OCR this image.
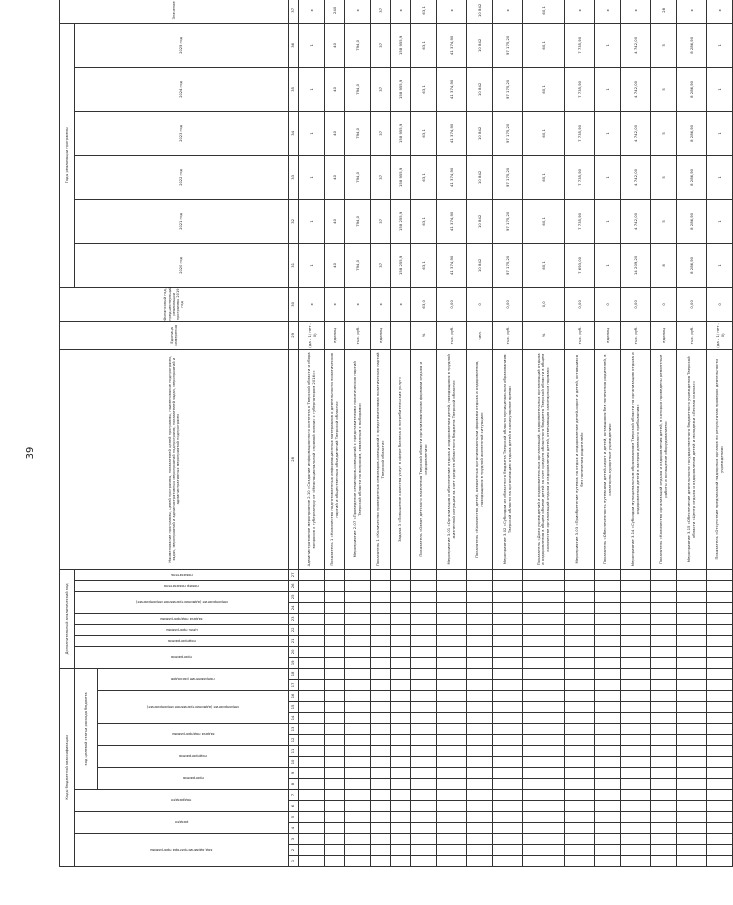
39
Коды бюджетной классификации																		Дополнительный аналитический код									Наименование программы, целей программы, показателей целей программы, наименование подпрограмм, задач, мероприятий и административных мероприятий подпрограмм, показателей задач, мероприятий и административных мероприятий подпрограмм	Единица измерения	Финансовый год, предшествующий реализации программы 2019 год	Годы реализации программы						Значение

код администратора программы			раздел		подраздел		код целевой статьи расхода бюджета											программа		подпрограмма	цель программы	задача подпрограммы	мероприятие (административное мероприятие)		номер показателя	показатель				2020 год	2021 год	2022 год	2023 год	2024 год	2025 год	

							программа		подпрограмма		задача подпрограммы		мероприятие (административное мероприятие)			направление расходов																				

1	2	3	4	5	6	7	8	9	10	11	12	13	14	15	16	17	18	19	20	21	22	23	24	25	26	27	28	29	30	31	32	33	34	35	36	37
																											Административное мероприятие 2.10 «Создание информационного контента о Тверской области и сбора вопросов к губернатору от «Межнациональной «прямой линии» с губернатором 2016»»	(да - 1/ нет - 0)	х	1	1	1	1	1	1	х
																											Показатель 1 «Количество подготовленных информационных материалов о деятельности политических партий и общественных объединений Тверской области»	единиц	х	40	40	40	40	40	40	240
																											Мероприятие 2.07 «Проведение семинаров-совещаний с представителями политических партий Тверской области по вопросам, связанным с выборами»	тыс. руб.	х	794,0	794,0	794,0	794,0	794,0	794,0	х
																											Показатель 1 «Количество проведенных семинаров-совещаний с представителями политических партий Тверской области»	единиц	х	37	37	37	37	37	37	37
																											Задача 3 «Повышение качества услуг в сфере бизнеса и потребительских услуг»		х	158 255,9	158 255,9	158 955,9	158 955,9	158 955,9	158 955,9	х
																											Показатель «Охват детского населения Тверской области организованными формами отдыха и оздоровления»	%	63,0	63,1	63,1	63,1	63,1	63,1	63,1	63,1
																											Мероприятие 3.01 «Организация и обеспечение отдыха и оздоровления детей, находящихся в трудной жизненной ситуации за счет средств областного бюджета Тверской области»	тыс. руб.	0,00	41 374,90	41 374,90	41 374,90	41 374,90	41 374,90	41 374,90	х
																											Показатель «Количество детей, охваченных организованными формами отдыха и оздоровления, находящихся в трудной жизненной ситуации»	чел.	0	10 842	10 842	10 842	10 842	10 842	10 842	10 842
																											Мероприятие 3.02 «Субсидии из областного бюджета Тверской области муниципальным образованиям Тверской области на организацию отдыха детей в каникулярное время»	тыс. руб.	0,00	97 175,20	97 175,20	97 175,20	97 175,20	97 175,20	97 175,20	х
																											Показатель «Доля учреждений и оздоровительных организаций, оздоровительных организаций отдыха и оздоровления в общем объеме детей за счет средств областного бюджета Тверской области в общем количестве организаций отдыха и оздоровления детей, отвечающих санитарным нормам»	%	0,0	60,1	60,1	60,1	60,1	60,1	60,1	60,1
																											Мероприятие 3.03 «Приобретение путевок на отдых и оздоровление детей-сирот и детей, оставшихся без попечения родителей»	тыс. руб.	0,00	7 693,00	7 735,90	7 735,90	7 735,90	7 735,90	7 735,90	х
																											Показатель «Обеспеченность путевками детей-сирот и детей, оставшихся без попечения родителей, в санаторно-курортные учреждения»	единиц	0	1	1	1	1	1	1	х
																											Мероприятие 3.14 «Субсидии муниципальным образованиям Тверской области на организацию отдыха и оздоровления детей в лагерях дневного пребывания»	тыс. руб.	0,00	14 209,20	4 742,00	4 742,00	4 742,00	4 742,00	4 742,00	х
																											Показатель «Количество организаций отдыха и оздоровления детей, в которых проведены ремонтные работы и оснащение оборудованием»	единиц	0	8	5	5	5	5	5	28
																											Мероприятие 3.15 «Обеспечение деятельности государственного бюджетного учреждения Тверской области «Центр отдыха и оздоровления детей и молодежи «Лесная сказка»»	тыс. руб.	0,00	8 286,90	8 286,90	8 286,90	8 286,90	8 286,90	8 286,90	х
																											Показатель «Отсутствие предписаний надзорных органов по результатам проверок деятельности учреждения»	(да - 1/ нет - 0)	0	1	1	1	1	1	1	х
